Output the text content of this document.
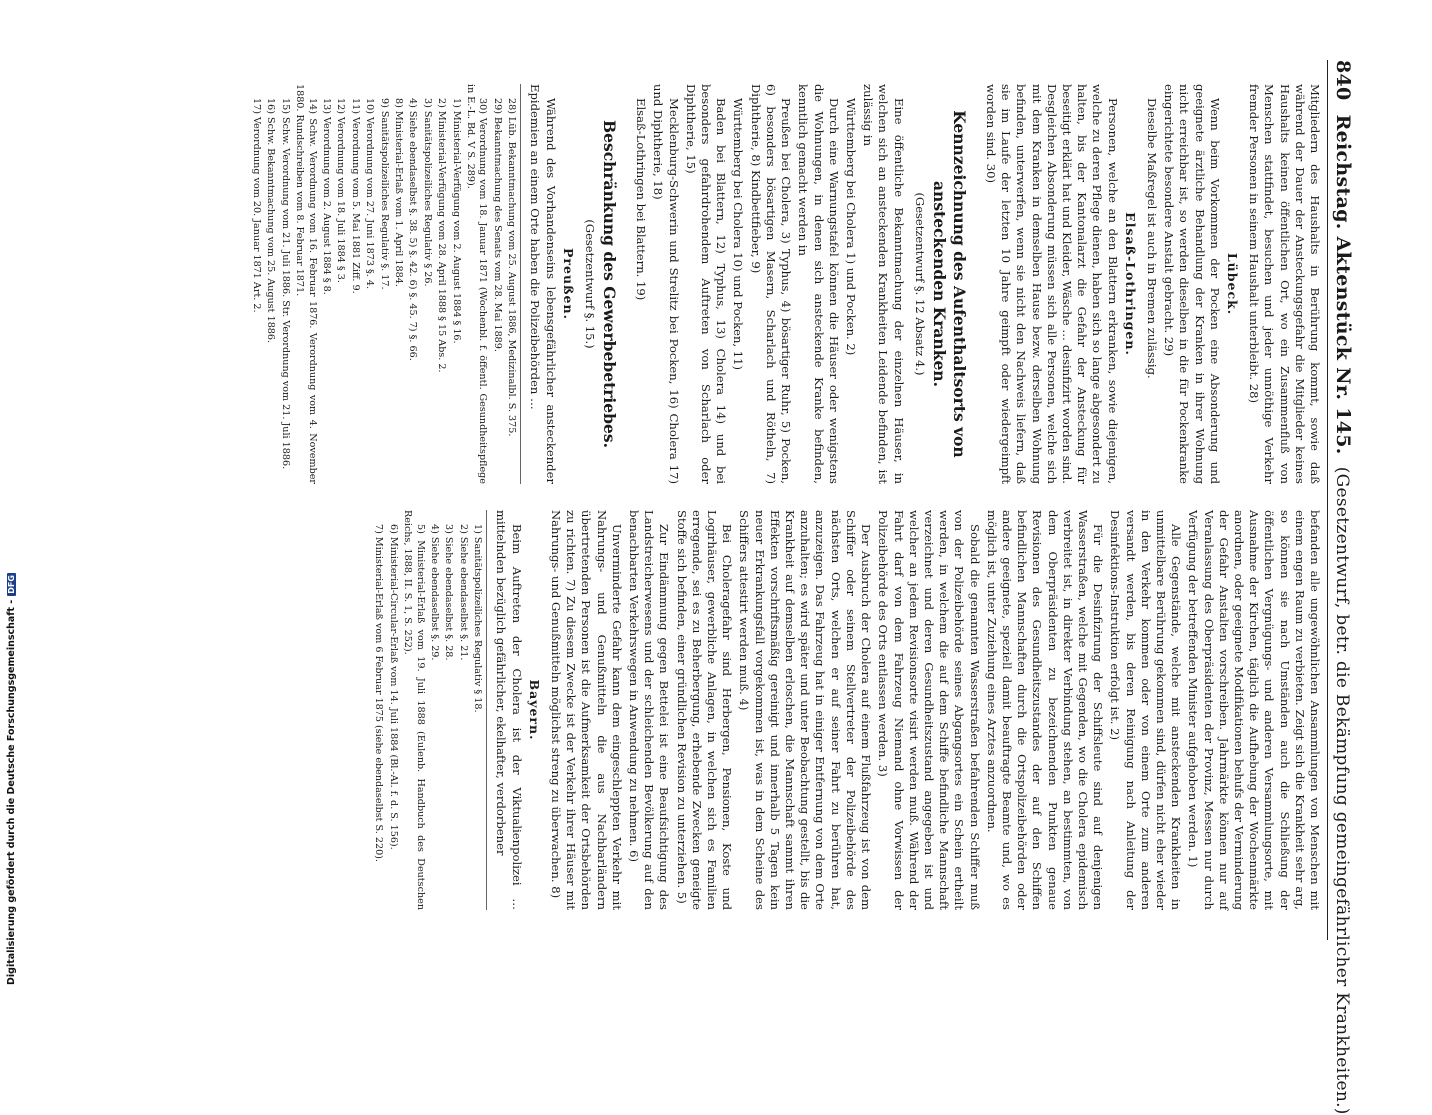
840
Reichstag. Aktenstück Nr. 145.
(Gesetzentwurf, betr. die Bekämpfung gemeingefährlicher Krankheiten.)

Mitgliedern des Haushalts in Berührung kommt, sowie daß während der Dauer der Ansteckungsgefahr die Mitglieder keines Haushalts keinen öffentlichen Ort, wo ein Zusammenfluß von Menschen stattfindet, besuchen und jeder unnöthige Verkehr fremder Personen in seinem Haushalt unterbleibt. 28)

Lübeck.

Wenn beim Vorkommen der Pocken eine Absonderung und geeignete ärztliche Behandlung der Kranken in ihrer Wohnung nicht erreichbar ist, so werden dieselben in die für Pockenkranke eingerichtete besondere Anstalt gebracht. 29)

Dieselbe Maßregel ist auch in Bremen zulässig.

Elsaß-Lothringen.

Personen, welche an den Blattern erkranken, sowie diejenigen, welche zu deren Pflege dienen, haben sich so lange abgesondert zu halten, bis der Kantonalarzt die Gefahr der Ansteckung für beseitigt erklärt hat und Kleider, Wäsche … desinfizirt worden sind. Desgleichen Absonderung müssen sich alle Personen, welche sich mit dem Kranken in demselben Hause bezw. derselben Wohnung befinden, unterwerfen, wenn sie nicht den Nachweis liefern, daß sie im Laufe der letzten 10 Jahre geimpft oder wiedergeimpft worden sind. 30)

Kennzeichnung des Aufenthaltsorts von ansteckenden Kranken.
(Gesetzentwurf §. 12 Absatz 4.)

Eine öffentliche Bekanntmachung der einzelnen Häuser, in welchen sich an ansteckenden Krankheiten Leidende befinden, ist zulässig in

Württemberg bei Cholera 1) und Pocken. 2)

Durch eine Warnungstafel können die Häuser oder wenigstens die Wohnungen, in denen sich ansteckende Kranke befinden, kenntlich gemacht werden in

Preußen bei Cholera, 3) Typhus, 4) bösartiger Ruhr, 5) Pocken, 6) besonders bösartigen Masern, Scharlach und Rötheln, 7) Diphtherie, 8) Kindbettfieber, 9)

Württemberg bei Cholera 10) und Pocken, 11)

Baden bei Blattern, 12) Typhus, 13) Cholera 14) und bei besonders gefahrdrohendem Auftreten von Scharlach oder Diphtherie, 15)

Mecklenburg-Schwerin und Strelitz bei Pocken, 16) Cholera 17) und Diphtherie, 18)

Elsaß-Lothringen bei Blattern. 19)

Beschränkung des Gewerbebetriebes.
(Gesetzentwurf §. 15.)
Preußen.

Während des Vorhandenseins lebensgefährlicher ansteckender Epidemien an einem Orte haben die Polizeibehörden …

28) Lüb. Bekanntmachung vom 25. August 1886, Medizinalbl. S. 375.

29) Bekanntmachung des Senats vom 28. Mai 1889.

30) Verordnung vom 18. Januar 1871 (Wochenbl. f. öffentl. Gesundheitspflege in E.-L. Bd. V S. 289).

1) Ministerial-Verfügung vom 2. August 1884 § 16.

2) Ministerial-Verfügung vom 28. April 1888 § 15 Abs. 2.

3) Sanitätspolizeiliches Regulativ § 26.

4) Siehe ebendaselbst §. 38. 5) §. 42. 6) §. 45. 7) §. 66.

8) Ministerial-Erlaß vom 1. April 1884.

9) Sanitätspolizeiliches Regulativ §. 17.

10) Verordnung vom 27. Juni 1873 §. 4.

11) Verordnung vom 5. Mai 1881 Ziff. 9.

12) Verordnung vom 18. Juli 1884 § 3.

13) Verordnung vom 2. August 1884 § 8.

14) Schw. Verordnung vom 16. Februar 1876. Verordnung vom 4. November 1880. Rundschreiben vom 8. Februar 1871.

15) Schw. Verordnung vom 21. Juli 1886. Str. Verordnung vom 21. Juli 1886.

16) Schw. Bekanntmachung vom 25. August 1886.

17) Verordnung vom 20. Januar 1871 Art. 2.

befanden alle ungewöhnlichen Ansammlungen von Menschen mit einem engen Raum zu verbieten. Zeigt sich die Krankheit sehr arg, so können sie nach Umständen auch die Schließung der öffentlichen Vergnügungs- und anderen Versammlungsorte, mit Ausnahme der Kirchen, täglich die Aufhebung der Wochenmärkte anordnen, oder geeignete Modifikationen behufs der Verminderung der Gefahr Anstalten vorschreiben. Jahrmärkte können nur auf Veranlassung des Oberpräsidenten der Provinz, Messen nur durch Verfügung der betreffenden Minister aufgehoben werden. 1)

Alle Gegenstände, welche mit ansteckenden Krankheiten in unmittelbare Berührung gekommen sind, dürfen nicht eher wieder in den Verkehr kommen oder von einem Orte zum anderen versandt werden, bis deren Reinigung nach Anleitung der Desinfektions-Instruktion erfolgt ist. 2)

Für die Desinfizirung der Schiffsleute sind auf denjenigen Wasserstraßen, welche mit Gegenden, wo die Cholera epidemisch verbreitet ist, in direkter Verbindung stehen, an bestimmten, von dem Oberpräsidenten zu bezeichnenden Punkten genaue Revisionen des Gesundheitszustandes der auf den Schiffen befindlichen Mannschaften durch die Ortspolizeibehörden oder andere geeignete, speziell damit beauftragte Beamte und, wo es möglich ist, unter Zuziehung eines Arztes anzuordnen.

Sobald die genannten Wasserstraßen befahrenden Schiffer muß von der Polizeibehörde seines Abgangsortes ein Schein ertheilt werden, in welchem die auf dem Schiffe befindliche Mannschaft verzeichnet und deren Gesundheitszustand angegeben ist und welcher an jedem Revisionsorte visirt werden muß. Während der Fahrt darf von dem Fahrzeug Niemand ohne Vorwissen der Polizeibehörde des Orts entlassen werden. 3)

Der Ausbruch der Cholera auf einem Flußfahrzeug ist von dem Schiffer oder seinem Stellvertreter der Polizeibehörde des nächsten Orts, welchen er auf seiner Fahrt zu berühren hat, anzuzeigen. Das Fahrzeug hat in einiger Entfernung von dem Orte anzuhalten; es wird später und unter Beobachtung gestellt, bis die Krankheit auf demselben erloschen, die Mannschaft sammt ihren Effekten vorschriftsmäßig gereinigt und innerhalb 5 Tagen kein neuer Erkrankungsfall vorgekommen ist, was in dem Scheine des Schiffers attestirt werden muß. 4)

Bei Choleragefahr sind Herbergen, Pensionen, Koste und Logirhäuser, gewerbliche Anlagen, in welchen sich es Familien erregende, sei es zu Beherbergung, erhebende Zwecken geneigte Stoffe sich befinden, einer gründlichen Revision zu unterziehen. 5)

Zur Eindämmung gegen Bettelei ist eine Beaufsichtigung des Landstreicherwesens und der schleichenden Bevölkerung auf den benachbarten Verkehrswegen in Anwendung zu nehmen. 6)

Unverminderte Gefahr kann dem eingeschleppten Verkehr mit Nahrungs- und Genußmitteln die aus Nachbarländern übertretenden Personen ist die Aufmerksamkeit der Ortsbehörden zu richten. 7) Zu diesem Zwecke ist der Verkehr ihrer Häuser mit Nahrungs- und Genußmitteln möglichst streng zu überwachen. 8)

Bayern.

Beim Auftreten der Cholera ist der Viktualienpolizei … mittelnden bezüglich gefährlicher, ekelhafter, verdorbener

1) Sanitätspolizeiliches Regulativ § 18.

2) Siehe ebendaselbst §. 21.

3) Siehe ebendaselbst §. 28.

4) Siehe ebendaselbst §. 29.

5) Ministerial-Erlaß vom 19. Juli 1888 (Eulenb. Handbuch des Deutschen Reichs, 1888, II. S. 1, S. 252).

6) Ministerial-Circular-Erlaß vom 14. Juli 1884 (Bl.-Al. f. d. S. 156).

7) Ministerial-Erlaß vom 6 Februar 1875 (siehe ebendaselbst S. 220).

Digitalisierung gefördert durch die Deutsche Forschungsgemeinschaft -DFG
